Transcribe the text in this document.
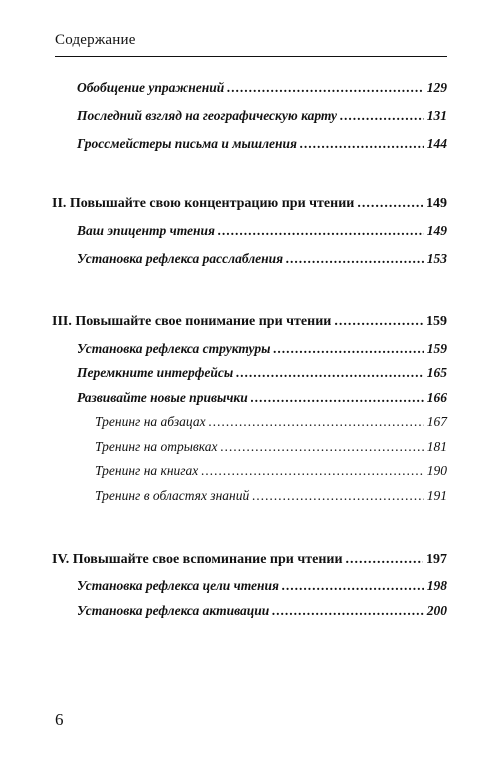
Содержание
Обобщение упражнений .....	129
Последний взгляд на географическую карту .....	131
Гроссмейстеры письма и мышления .....	144
II. Повышайте свою концентрацию при чтении .....	149
Ваш эпицентр чтения .....	149
Установка рефлекса расслабления .....	153
III. Повышайте свое понимание при чтении .....	159
Установка рефлекса структуры .....	159
Перемкните интерфейсы .....	165
Развивайте новые привычки .....	166
Тренинг на абзацах .....	167
Тренинг на отрывках .....	181
Тренинг на книгах .....	190
Тренинг в областях знаний .....	191
IV. Повышайте свое вспоминание при чтении .....	197
Установка рефлекса цели чтения .....	198
Установка рефлекса активации .....	200
6
